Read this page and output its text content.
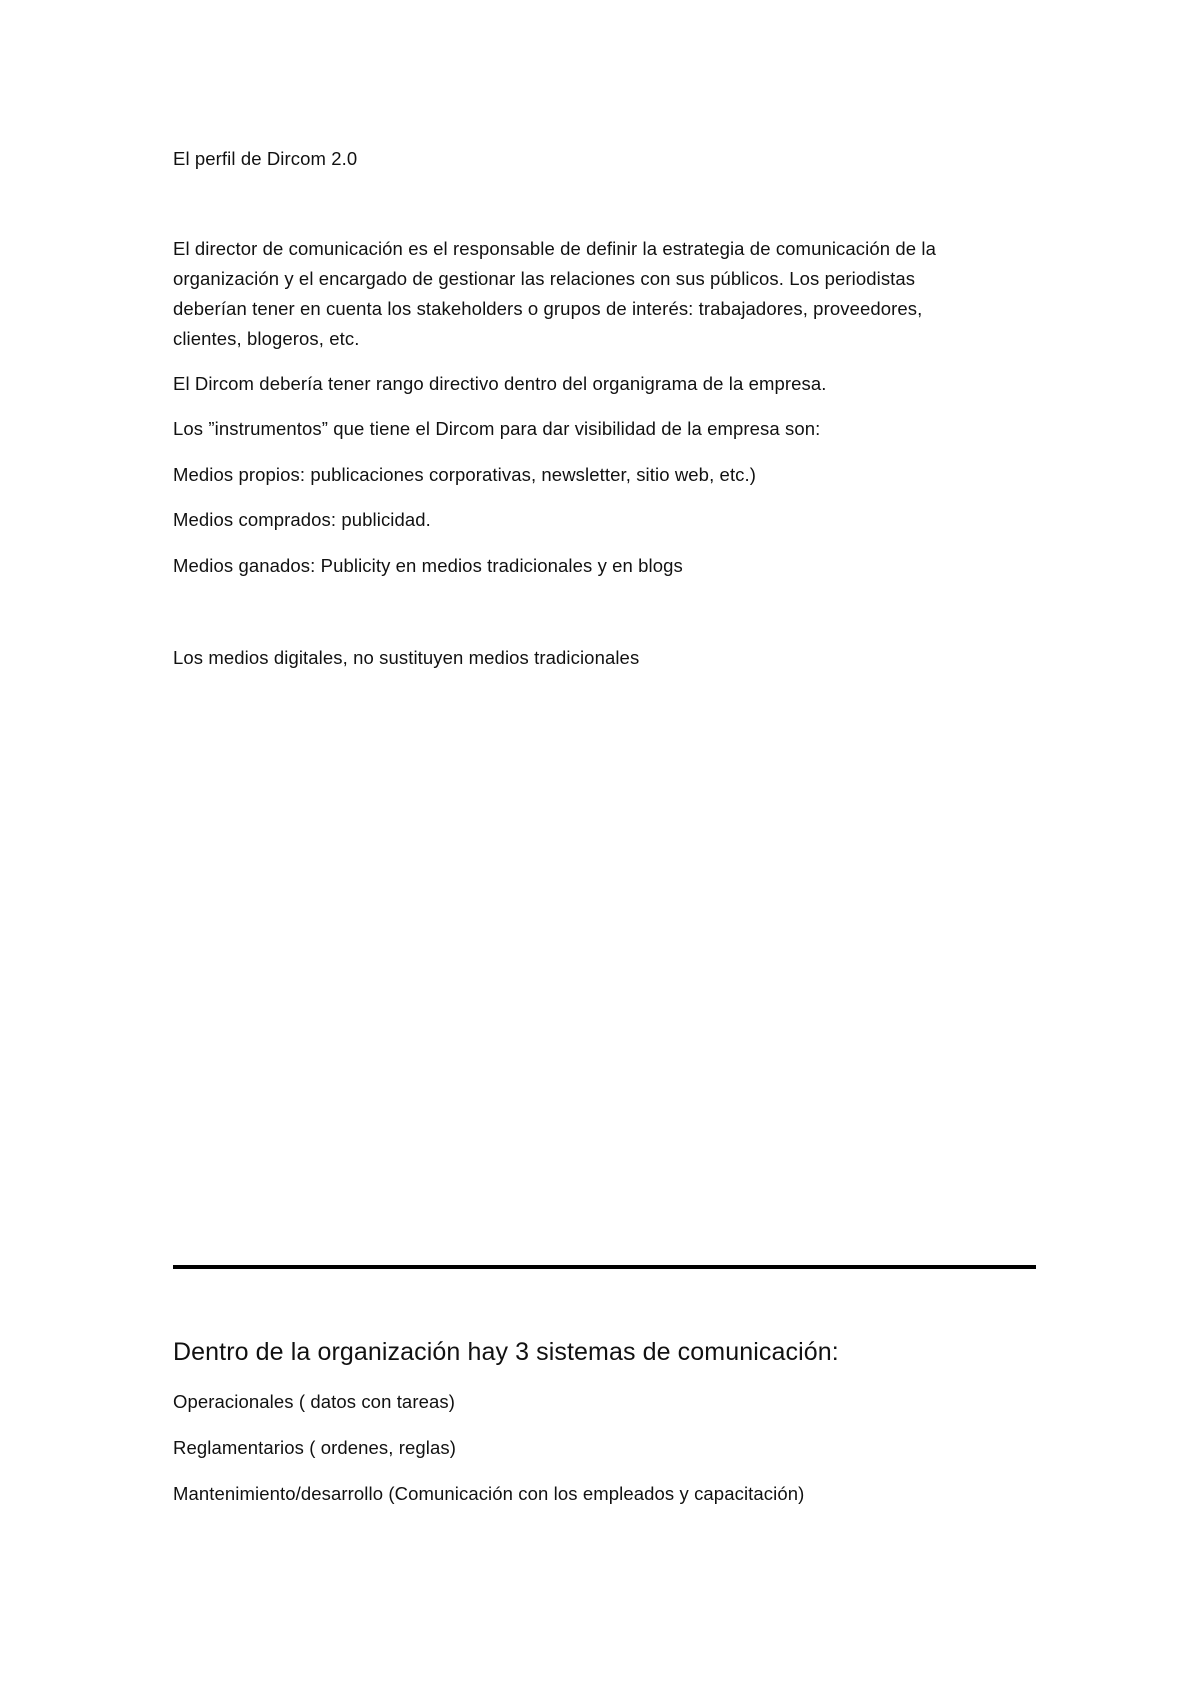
El perfil de Dircom 2.0
El director de comunicación es el responsable de definir la estrategia de comunicación de la
organización y el encargado de gestionar las relaciones con sus públicos. Los periodistas
deberían tener en cuenta los stakeholders o grupos de interés: trabajadores, proveedores,
clientes, blogeros, etc.
El Dircom debería tener rango directivo dentro del organigrama de la empresa.
Los ”instrumentos” que tiene el Dircom para dar visibilidad de la empresa son:
Medios propios: publicaciones corporativas, newsletter, sitio web, etc.)
Medios comprados: publicidad.
Medios ganados: Publicity en medios tradicionales y en blogs
Los medios digitales, no sustituyen medios tradicionales
Dentro de la organización hay 3 sistemas de comunicación:
Operacionales ( datos con tareas)
Reglamentarios ( ordenes, reglas)
Mantenimiento/desarrollo (Comunicación con los empleados y capacitación)
